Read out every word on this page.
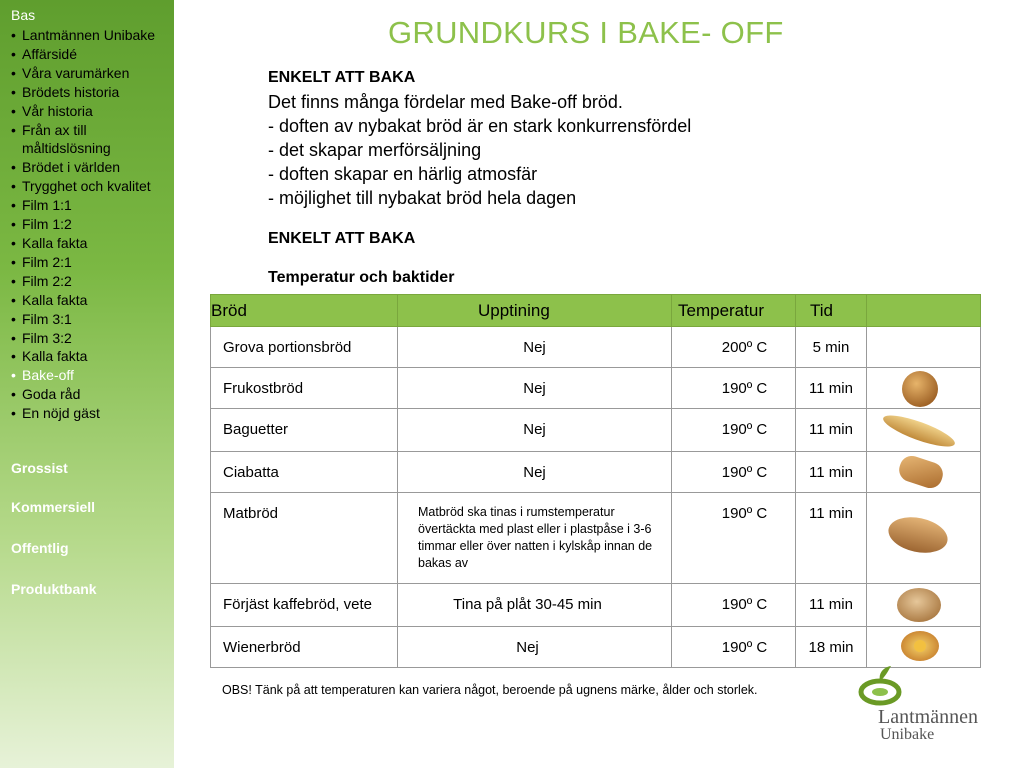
Bas
• Lantmännen Unibake
• Affärsidé
• Våra varumärken
• Brödets historia
• Vår historia
• Från ax till måltidslösning
• Brödet i världen
• Trygghet och kvalitet
• Film 1:1
• Film 1:2
• Kalla fakta
• Film 2:1
• Film 2:2
• Kalla fakta
• Film 3:1
• Film 3:2
• Kalla fakta
• Bake-off
• Goda råd
• En nöjd gäst
Grossist
Kommersiell
Offentlig
Produktbank
GRUNDKURS I BAKE- OFF
ENKELT ATT BAKA
Det finns många fördelar med Bake-off bröd.
- doften av nybakat bröd är en stark konkurrensfördel
- det skapar merförsäljning
- doften skapar en härlig atmosfär
- möjlighet till nybakat bröd hela dagen
ENKELT ATT BAKA
Temperatur och baktider
Bröd	Upptining	Temperatur	Tid	

Grova portionsbröd	Nej	200º C	5 min	

Frukostbröd	Nej	190º C	11 min

Baguetter	Nej	190º C	11 min

Ciabatta	Nej	190º C	11 min

Matbröd	Matbröd ska tinas i rumstemperatur övertäckta med plast eller i plastpåse i 3-6 timmar eller över natten i kylskåp innan de bakas av	190º C	11 min

Förjäst kaffebröd, vete	Tina på plåt 30-45 min	190º C	11 min

Wienerbröd	Nej	190º C	18 min

OBS! Tänk på att temperaturen kan variera något, beroende på ugnens märke, ålder och storlek.
Lantmännen
Unibake
